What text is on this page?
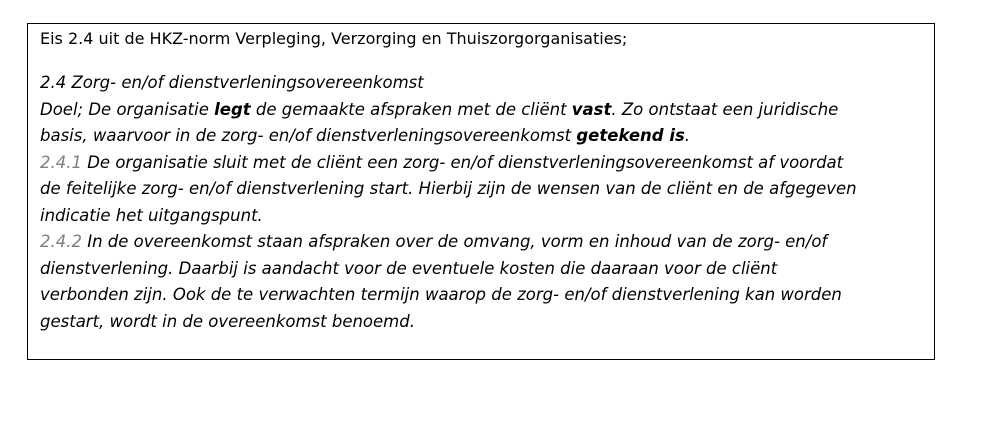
Eis 2.4 uit de HKZ-norm Verpleging, Verzorging en Thuiszorgorganisaties;
2.4 Zorg- en/of dienstverleningsovereenkomst
Doel; De organisatie legt de gemaakte afspraken met de cliënt vast. Zo ontstaat een juridische
basis, waarvoor in de zorg- en/of dienstverleningsovereenkomst getekend is.
2.4.1 De organisatie sluit met de cliënt een zorg- en/of dienstverleningsovereenkomst af voordat
de feitelijke zorg- en/of dienstverlening start. Hierbij zijn de wensen van de cliënt en de afgegeven
indicatie het uitgangspunt.
2.4.2 In de overeenkomst staan afspraken over de omvang, vorm en inhoud van de zorg- en/of
dienstverlening. Daarbij is aandacht voor de eventuele kosten die daaraan voor de cliënt
verbonden zijn. Ook de te verwachten termijn waarop de zorg- en/of dienstverlening kan worden
gestart, wordt in de overeenkomst benoemd.
